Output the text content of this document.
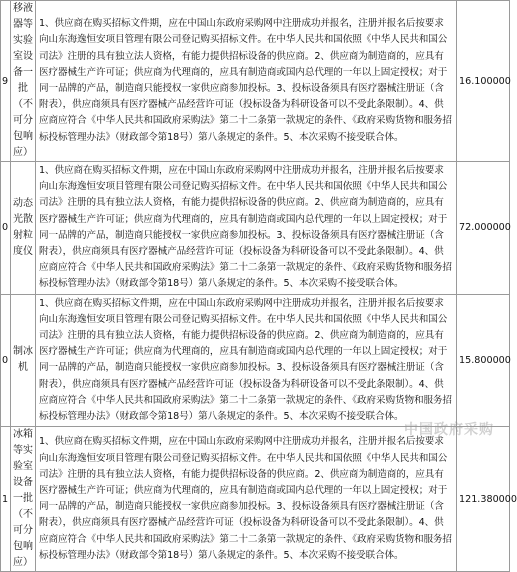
9	移液器等实验室设备一批（不可分包响应）	1、供应商在购买招标文件期，应在中国山东政府采购网中注册成功并报名，注册并报名后按要求向山东海逸恒安项目管理有限公司登记购买招标文件。在中华人民共和国依照《中华人民共和国公司法》注册的具有独立法人资格，有能力提供招标设备的供应商。2、供应商为制造商的，应具有医疗器械生产许可证；供应商为代理商的，应具有制造商或国内总代理的一年以上固定授权；对于同一品牌的产品，制造商只能授权一家供应商参加投标。3、投标设备须具有医疗器械注册证（含附表），供应商须具有医疗器械产品经营许可证（投标设备为科研设备可以不受此条限制）。4、供应商应符合《中华人民共和国政府采购法》第二十二条第一款规定的条件、《政府采购货物和服务招标投标管理办法》（财政部令第18号）第八条规定的条件。5、本次采购不接受联合体。	16.100000
0	动态光散射粒度仪	1、供应商在购买招标文件期，应在中国山东政府采购网中注册成功并报名，注册并报名后按要求向山东海逸恒安项目管理有限公司登记购买招标文件。在中华人民共和国依照《中华人民共和国公司法》注册的具有独立法人资格，有能力提供招标设备的供应商。2、供应商为制造商的，应具有医疗器械生产许可证；供应商为代理商的，应具有制造商或国内总代理的一年以上固定授权；对于同一品牌的产品，制造商只能授权一家供应商参加投标。3、投标设备须具有医疗器械注册证（含附表），供应商须具有医疗器械产品经营许可证（投标设备为科研设备可以不受此条限制）。4、供应商应符合《中华人民共和国政府采购法》第二十二条第一款规定的条件、《政府采购货物和服务招标投标管理办法》（财政部令第18号）第八条规定的条件。5、本次采购不接受联合体。	72.000000
0	制冰机	1、供应商在购买招标文件期，应在中国山东政府采购网中注册成功并报名，注册并报名后按要求向山东海逸恒安项目管理有限公司登记购买招标文件。在中华人民共和国依照《中华人民共和国公司法》注册的具有独立法人资格，有能力提供招标设备的供应商。2、供应商为制造商的，应具有医疗器械生产许可证；供应商为代理商的，应具有制造商或国内总代理的一年以上固定授权；对于同一品牌的产品，制造商只能授权一家供应商参加投标。3、投标设备须具有医疗器械注册证（含附表），供应商须具有医疗器械产品经营许可证（投标设备为科研设备可以不受此条限制）。4、供应商应符合《中华人民共和国政府采购法》第二十二条第一款规定的条件、《政府采购货物和服务招标投标管理办法》（财政部令第18号）第八条规定的条件。5、本次采购不接受联合体。	15.800000
1	冰箱等实验室设备一批（不可分包响应）	1、供应商在购买招标文件期，应在中国山东政府采购网中注册成功并报名，注册并报名后按要求向山东海逸恒安项目管理有限公司登记购买招标文件。在中华人民共和国依照《中华人民共和国公司法》注册的具有独立法人资格，有能力提供招标设备的供应商。2、供应商为制造商的，应具有医疗器械生产许可证；供应商为代理商的，应具有制造商或国内总代理的一年以上固定授权；对于同一品牌的产品，制造商只能授权一家供应商参加投标。3、投标设备须具有医疗器械注册证（含附表），供应商须具有医疗器械产品经营许可证（投标设备为科研设备可以不受此条限制）。4、供应商应符合《中华人民共和国政府采购法》第二十二条第一款规定的条件、《政府采购货物和服务招标投标管理办法》（财政部令第18号）第八条规定的条件。5、本次采购不接受联合体。	121.380000
中国政府采购
